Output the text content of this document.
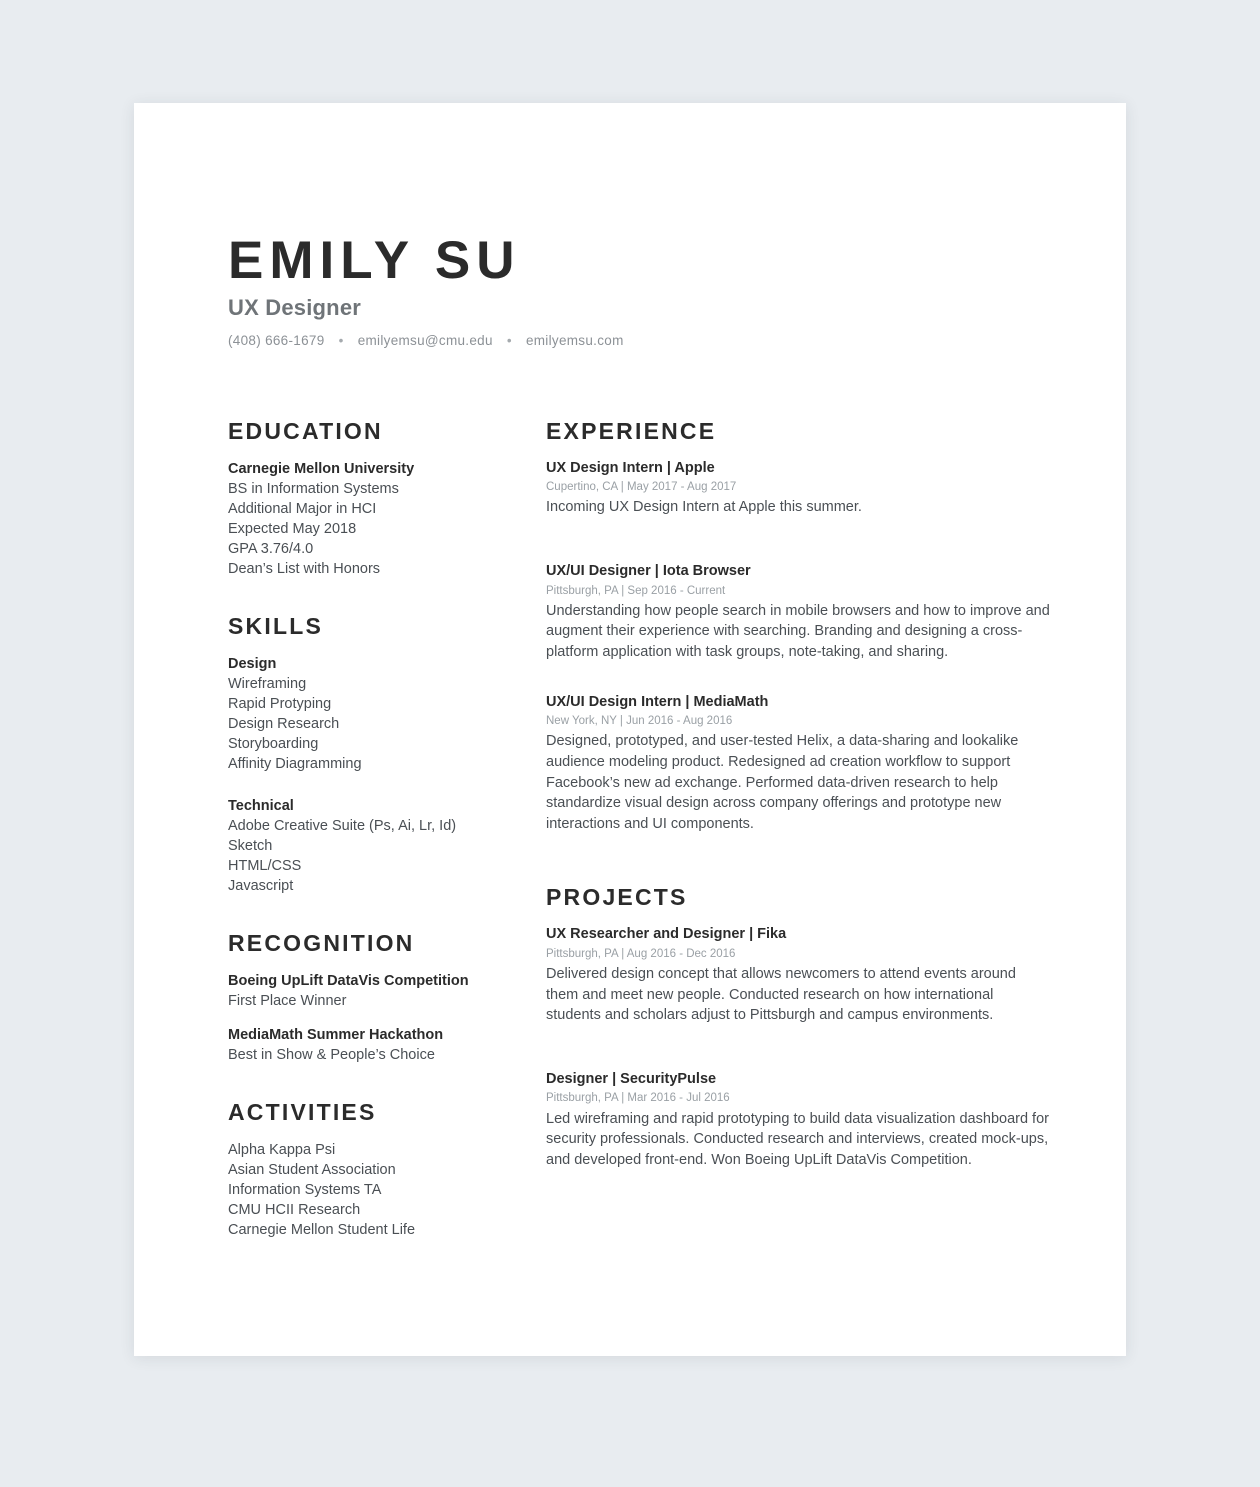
EMILY SU
UX Designer
(408) 666-1679 • emilyemsu@cmu.edu • emilyemsu.com
EDUCATION
Carnegie Mellon University
BS in Information Systems
Additional Major in HCI
Expected May 2018
GPA 3.76/4.0
Dean’s List with Honors
SKILLS
Design
Wireframing
Rapid Protyping
Design Research
Storyboarding
Affinity Diagramming
Technical
Adobe Creative Suite (Ps, Ai, Lr, Id)
Sketch
HTML/CSS
Javascript
RECOGNITION
Boeing UpLift DataVis Competition
First Place Winner
MediaMath Summer Hackathon
Best in Show & People’s Choice
ACTIVITIES
Alpha Kappa Psi
Asian Student Association
Information Systems TA
CMU HCII Research
Carnegie Mellon Student Life
EXPERIENCE
UX Design Intern | Apple
Cupertino, CA | May 2017 - Aug 2017
Incoming UX Design Intern at Apple this summer.
UX/UI Designer | Iota Browser
Pittsburgh, PA | Sep 2016 - Current
Understanding how people search in mobile browsers and how to improve and augment their experience with searching. Branding and designing a cross-platform application with task groups, note-taking, and sharing.
UX/UI Design Intern | MediaMath
New York, NY | Jun 2016 - Aug 2016
Designed, prototyped, and user-tested Helix, a data-sharing and lookalike audience modeling product. Redesigned ad creation workflow to support Facebook’s new ad exchange. Performed data-driven research to help standardize visual design across company offerings and prototype new interactions and UI components.
PROJECTS
UX Researcher and Designer | Fika
Pittsburgh, PA | Aug 2016 - Dec 2016
Delivered design concept that allows newcomers to attend events around them and meet new people. Conducted research on how international students and scholars adjust to Pittsburgh and campus environments.
Designer | SecurityPulse
Pittsburgh, PA | Mar 2016 - Jul 2016
Led wireframing and rapid prototyping to build data visualization dashboard for security professionals. Conducted research and interviews, created mock-ups, and developed front-end. Won Boeing UpLift DataVis Competition.
